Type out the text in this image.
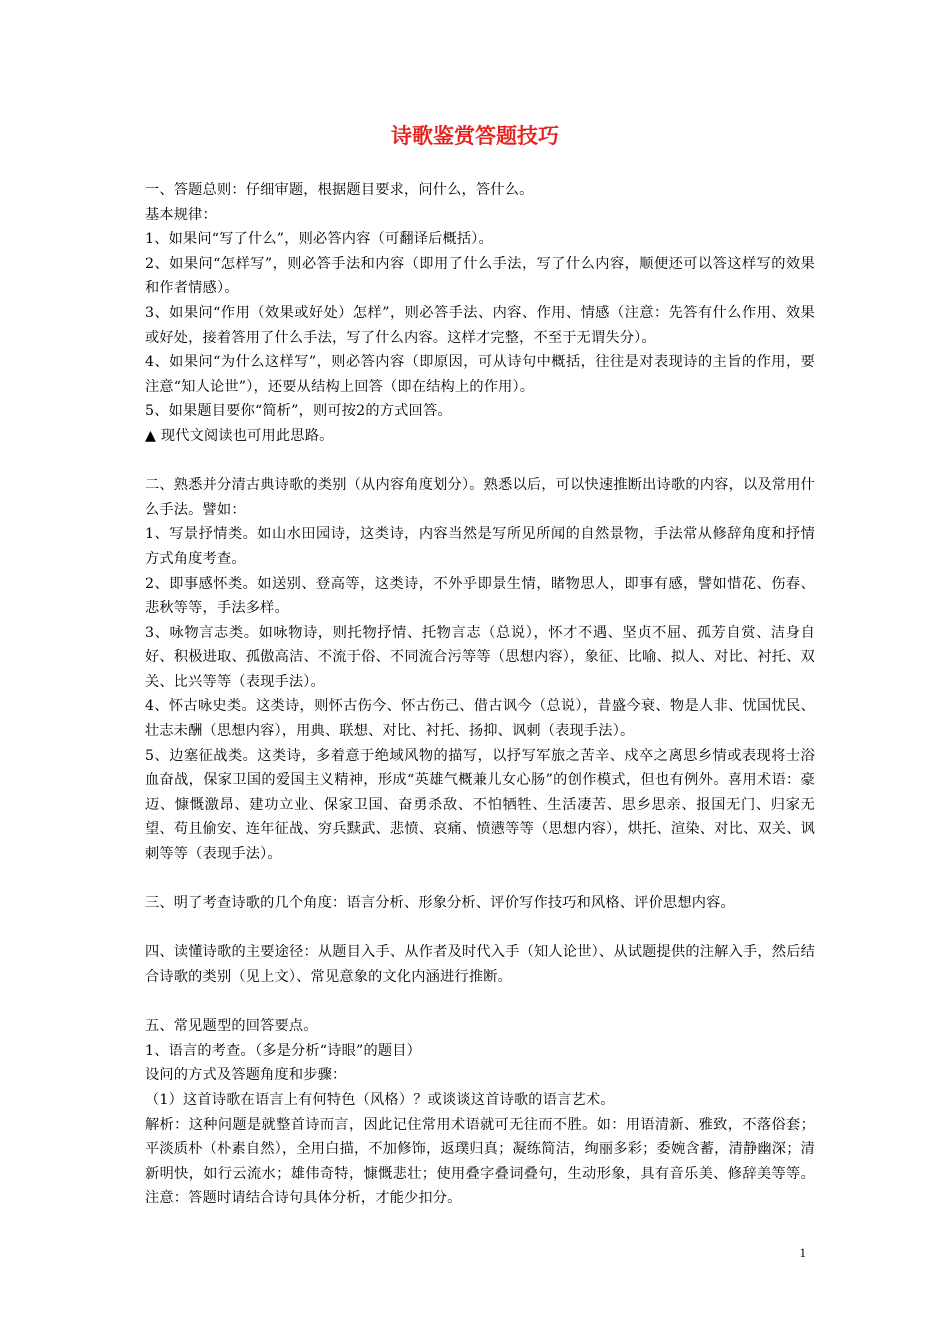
诗歌鉴赏答题技巧

一、答题总则：仔细审题，根据题目要求，问什么，答什么。

基本规律：

1、如果问“写了什么”，则必答内容（可翻译后概括）。

2、如果问“怎样写”，则必答手法和内容（即用了什么手法，写了什么内容，顺便还可以答这样写的效果和作者情感）。

3、如果问“作用（效果或好处）怎样”，则必答手法、内容、作用、情感（注意：先答有什么作用、效果或好处，接着答用了什么手法，写了什么内容。这样才完整，不至于无谓失分）。

4、如果问“为什么这样写”，则必答内容（即原因，可从诗句中概括，往往是对表现诗的主旨的作用，要注意“知人论世”），还要从结构上回答（即在结构上的作用）。

5、如果题目要你“简析”，则可按2的方式回答。

▲ 现代文阅读也可用此思路。

二、熟悉并分清古典诗歌的类别（从内容角度划分）。熟悉以后，可以快速推断出诗歌的内容，以及常用什么手法。譬如：

1、写景抒情类。如山水田园诗，这类诗，内容当然是写所见所闻的自然景物，手法常从修辞角度和抒情方式角度考查。

2、即事感怀类。如送别、登高等，这类诗，不外乎即景生情，睹物思人，即事有感，譬如惜花、伤春、悲秋等等，手法多样。

3、咏物言志类。如咏物诗，则托物抒情、托物言志（总说），怀才不遇、坚贞不屈、孤芳自赏、洁身自好、积极进取、孤傲高洁、不流于俗、不同流合污等等（思想内容），象征、比喻、拟人、对比、衬托、双关、比兴等等（表现手法）。

4、怀古咏史类。这类诗，则怀古伤今、怀古伤己、借古讽今（总说），昔盛今衰、物是人非、忧国忧民、壮志未酬（思想内容），用典、联想、对比、衬托、扬抑、讽刺（表现手法）。

5、边塞征战类。这类诗，多着意于绝域风物的描写，以抒写军旅之苦辛、戍卒之离思乡情或表现将士浴血奋战，保家卫国的爱国主义精神，形成“英雄气概兼儿女心肠”的创作模式，但也有例外。喜用术语：豪迈、慷慨激昂、建功立业、保家卫国、奋勇杀敌、不怕牺牲、生活凄苦、思乡思亲、报国无门、归家无望、苟且偷安、连年征战、穷兵黩武、悲愤、哀痛、愤懑等等（思想内容），烘托、渲染、对比、双关、讽刺等等（表现手法）。

三、明了考查诗歌的几个角度：语言分析、形象分析、评价写作技巧和风格、评价思想内容。

四、读懂诗歌的主要途径：从题目入手、从作者及时代入手（知人论世）、从试题提供的注解入手，然后结合诗歌的类别（见上文）、常见意象的文化内涵进行推断。

五、常见题型的回答要点。

1、语言的考查。（多是分析“诗眼”的题目）

设问的方式及答题角度和步骤：

（1）这首诗歌在语言上有何特色（风格）？或谈谈这首诗歌的语言艺术。

解析：这种问题是就整首诗而言，因此记住常用术语就可无往而不胜。如：用语清新、雅致，不落俗套；平淡质朴（朴素自然），全用白描，不加修饰，返璞归真；凝练简洁，绚丽多彩；委婉含蓄，清静幽深；清新明快，如行云流水；雄伟奇特，慷慨悲壮；使用叠字叠词叠句，生动形象，具有音乐美、修辞美等等。注意：答题时请结合诗句具体分析，才能少扣分。

1
